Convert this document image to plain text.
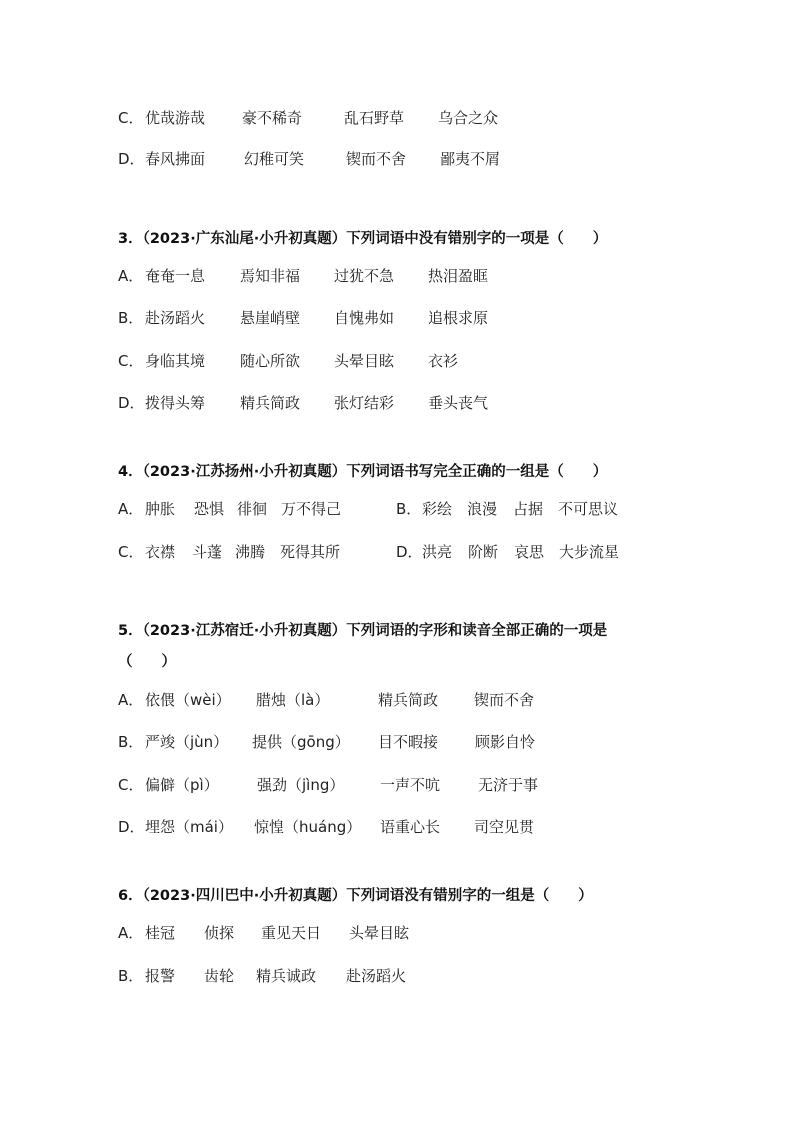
C． 优哉游哉 豪不稀奇	乱石野草 乌合之众
D． 春风拂面	幻稚可笑	锲而不舍 鄙夷不屑
3．（2023·广东汕尾·小升初真题）下列词语中没有错别字的一项是（　　）
A． 奄奄一息 焉知非福 过犹不急 热泪盈眶
B． 赴汤蹈火 悬崖峭壁 自愧弗如 追根求原
C． 身临其境 随心所欲 头晕目眩 衣衫
D． 拨得头筹 精兵简政 张灯结彩 垂头丧气
4．（2023·江苏扬州·小升初真题）下列词语书写完全正确的一组是（　　）
A． 肿胀 恐惧 徘徊 万不得己	B． 彩绘 浪漫 占据 不可思议
C． 衣襟 斗蓬 沸腾 死得其所	D． 洪亮 阶断 哀思 大步流星
5．（2023·江苏宿迁·小升初真题）下列词语的字形和读音全部正确的一项是
（　　）
A． 依偎（wèi） 腊烛（là）	精兵简政 锲而不舍
B． 严竣（jùn） 提供（gōng） 目不暇接 顾影自怜
C． 偏僻（pì）	强劲（jìng） 一声不吭	无济于事
D． 埋怨（mái） 惊惶（huáng） 语重心长 司空见贯
6．（2023·四川巴中·小升初真题）下列词语没有错别字的一组是（　　）
A． 桂冠 侦探 重见天日 头晕目眩
B． 报警 齿轮 精兵诚政 赴汤蹈火
